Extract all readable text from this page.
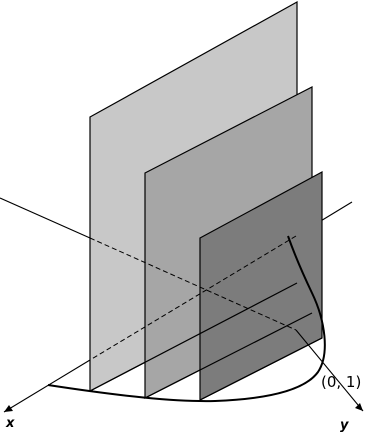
x	y
(0, 1)
